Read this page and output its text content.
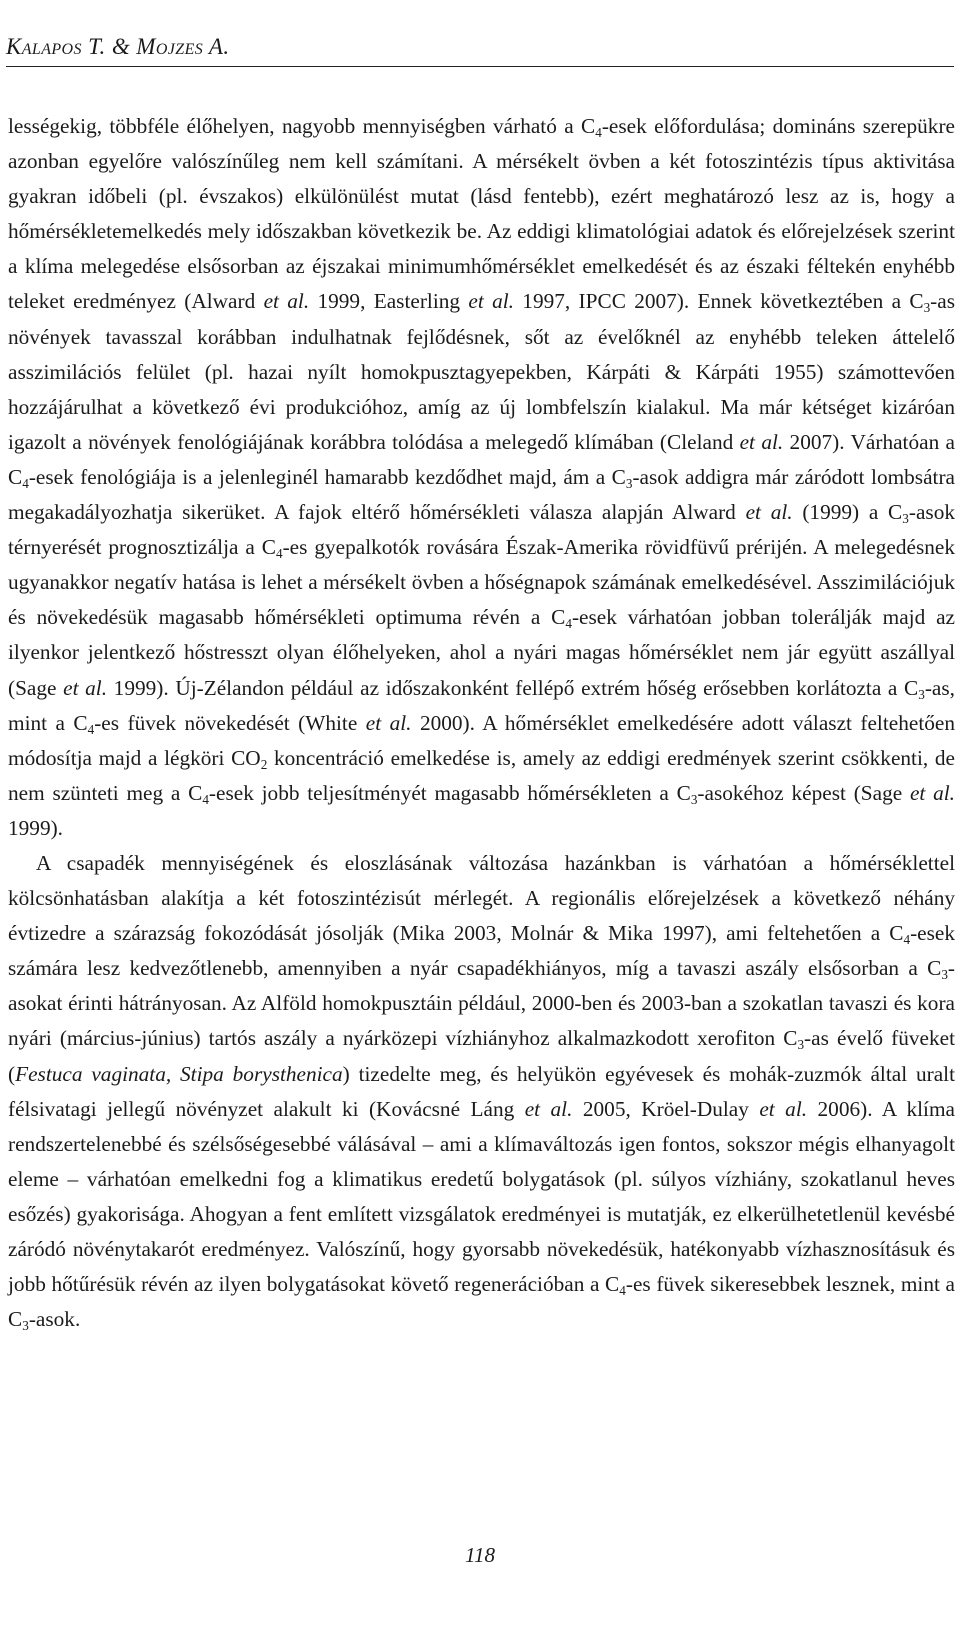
Kalapos T. & Mojzes A.

lességekig, többféle élőhelyen, nagyobb mennyiségben várható a $C_4$-esek előfordulása; domináns szerepükre azonban egyelőre valószínűleg nem kell számítani. A mérsékelt övben a két fotoszintézis típus aktivitása gyakran időbeli (pl. évszakos) elkülönülést mutat (lásd fentebb), ezért meghatározó lesz az is, hogy a hőmérsékletemelkedés mely időszakban következik be. Az eddigi klimatológiai adatok és előrejelzések szerint a klíma melegedése elsősorban az éjszakai minimumhőmérséklet emelkedését és az északi féltekén enyhébb teleket eredményez (Alward et al. 1999, Easterling et al. 1997, IPCC 2007). Ennek következtében a $C_3-as$ növények tavasszal korábban indulhatnak fejlődésnek, sőt az évelőknél az enyhébb teleken áttelelő asszimilációs felület (pl. hazai nyílt homokpusztagyepekben, Kárpáti & Kárpáti 1955) számottevően hozzájárulhat a következő évi produkcióhoz, amíg az új lombfelszín kialakul. Ma már kétséget kizáróan igazolt a növények fenológiájának korábbra tolódása a melegedő klímában (Cleland et al. 2007). Várhatóan a $C_4$-esek fenológiája is a jelenleginél hamarabb kezdődhet majd, ám a $C_3$-asok addigra már záródott lombsátra megakadályozhatja sikerüket. A fajok eltérő hőmérsékleti válasza alapján Alward et al. (1999) a $C_3$-asok térnyerését prognosztizálja a $C_4-es$ gyepalkotók rovására Észak-Amerika rövidfüvű prérijén. A melegedésnek ugyanakkor negatív hatása is lehet a mérsékelt övben a hőségnapok számának emelkedésével. Asszimilációjuk és növekedésük magasabb hőmérsékleti optimuma révén a $C_4$-esek várhatóan jobban tolerálják majd az ilyenkor jelentkező hőstresszt olyan élőhelyeken, ahol a nyári magas hőmérséklet nem jár együtt aszállyal (Sage et al. 1999). Új-Zélandon például az időszakonként fellépő extrém hőség erősebben korlátozta a $C_3-as$, mint a $C_4-es$ füvek növekedését (White et al. 2000). A hőmérséklet emelkedésére adott választ feltehetően módosítja majd a légköri $CO_2$ koncentráció emelkedése is, amely az eddigi eredmények szerint csökkenti, de nem szünteti meg a $C_4$-esek jobb teljesítményét magasabb hőmérsékleten a $C_3$-asokéhoz képest (Sage et al. 1999).

A csapadék mennyiségének és eloszlásának változása hazánkban is várhatóan a hőmérséklettel kölcsönhatásban alakítja a két fotoszintézisút mérlegét. A regionális előrejelzések a következő néhány évtizedre a szárazság fokozódását jósolják (Mika 2003, Molnár & Mika 1997), ami feltehetően a $C_4$-esek számára lesz kedvezőtlenebb, amennyiben a nyár csapadékhiányos, míg a tavaszi aszály elsősorban a $C_3$-asokat érinti hátrányosan. Az Alföld homokpusztáin például, 2000-ben és 2003-ban a szokatlan tavaszi és kora nyári (március-június) tartós aszály a nyárközepi vízhiányhoz alkalmazkodott xerofiton $C_3-as$ évelő füveket (Festuca vaginata, Stipa borysthenica) tizedelte meg, és helyükön egyévesek és mohák-zuzmók által uralt félsivatagi jellegű növényzet alakult ki (Kovácsné Láng et al. 2005, Kröel-Dulay et al. 2006). A klíma rendszertelenebbé és szélsőségesebbé válásával – ami a klímaváltozás igen fontos, sokszor mégis elhanyagolt eleme – várhatóan emelkedni fog a klimatikus eredetű bolygatások (pl. súlyos vízhiány, szokatlanul heves esőzés) gyakorisága. Ahogyan a fent említett vizsgálatok eredményei is mutatják, ez elkerülhetetlenül kevésbé záródó növénytakarót eredményez. Valószínű, hogy gyorsabb növekedésük, hatékonyabb vízhasznosításuk és jobb hőtűrésük révén az ilyen bolygatásokat követő regenerációban a $C_4-es$ füvek sikeresebbek lesznek, mint a $C_3$-asok.

118
